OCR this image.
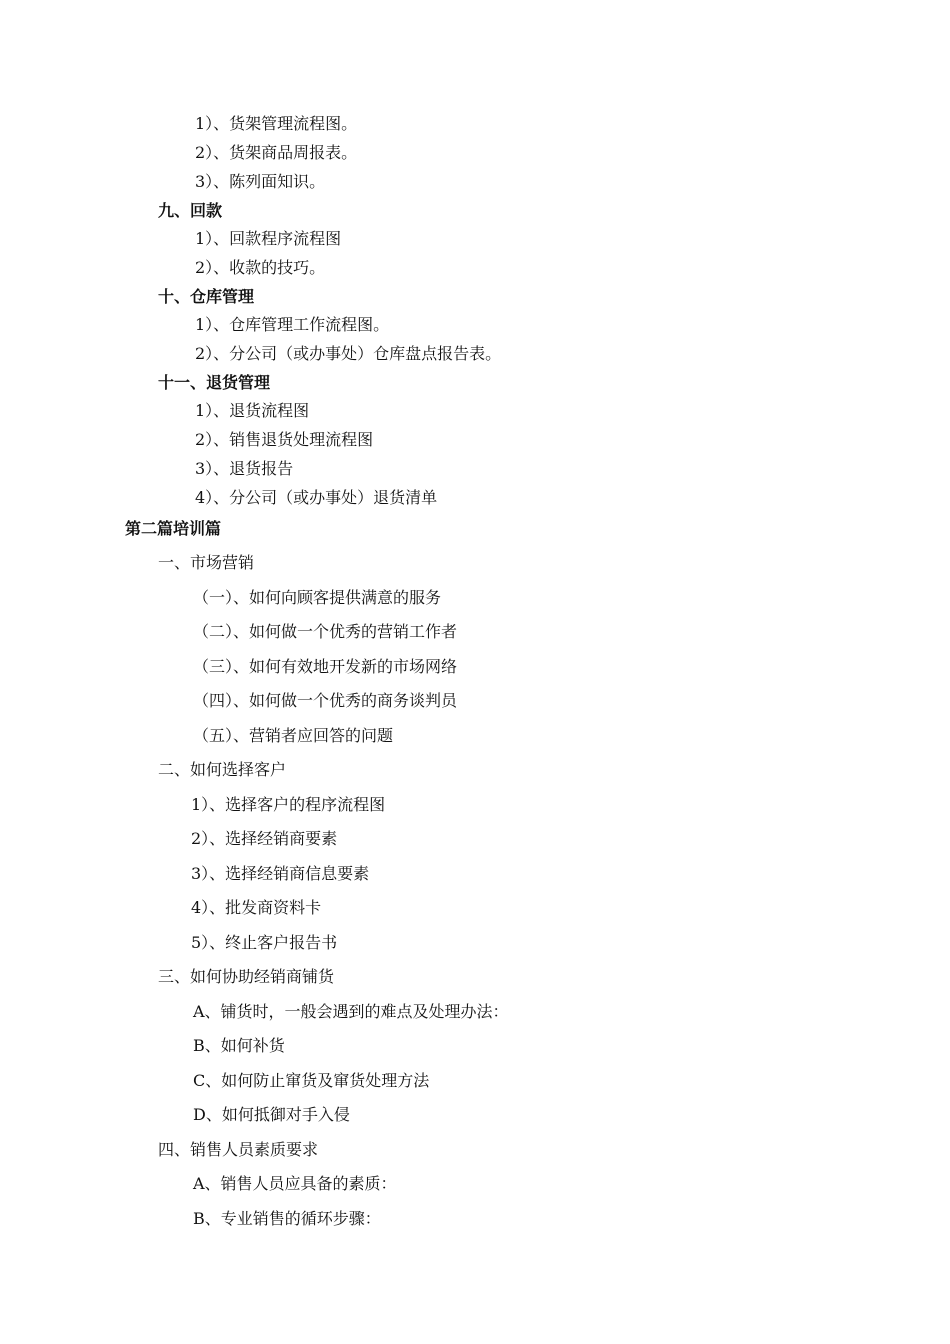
1）、货架管理流程图。
2）、货架商品周报表。
3）、陈列面知识。
九、回款
1）、回款程序流程图
2）、收款的技巧。
十、仓库管理
1）、仓库管理工作流程图。
2）、分公司（或办事处）仓库盘点报告表。
十一、退货管理
1）、退货流程图
2）、销售退货处理流程图
3）、退货报告
4）、分公司（或办事处）退货清单
第二篇培训篇
一、市场营销
（一）、如何向顾客提供满意的服务
（二）、如何做一个优秀的营销工作者
（三）、如何有效地开发新的市场网络
（四）、如何做一个优秀的商务谈判员
（五）、营销者应回答的问题
二、如何选择客户
1）、选择客户的程序流程图
2）、选择经销商要素
3）、选择经销商信息要素
4）、批发商资料卡
5）、终止客户报告书
三、如何协助经销商铺货
A、铺货时，一般会遇到的难点及处理办法：
B、如何补货
C、如何防止窜货及窜货处理方法
D、如何抵御对手入侵
四、销售人员素质要求
A、销售人员应具备的素质：
B、专业销售的循环步骤：
